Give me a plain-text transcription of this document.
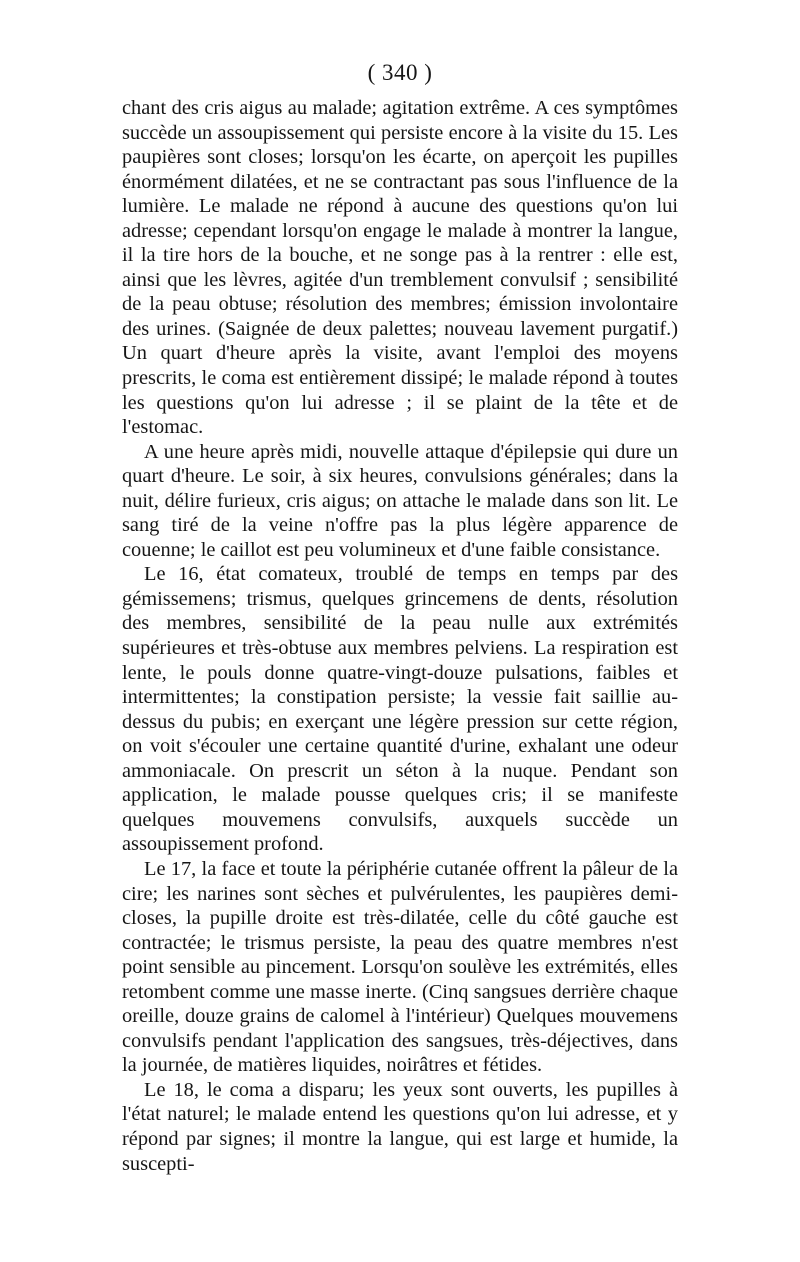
( 340 )

chant des cris aigus au malade; agitation extrême. A ces symptômes succède un assoupissement qui persiste encore à la visite du 15. Les paupières sont closes; lorsqu'on les écarte, on aperçoit les pupilles énormément dilatées, et ne se contractant pas sous l'influence de la lumière. Le malade ne répond à aucune des questions qu'on lui adresse; cependant lorsqu'on engage le malade à montrer la langue, il la tire hors de la bouche, et ne songe pas à la rentrer : elle est, ainsi que les lèvres, agitée d'un tremblement convulsif ; sensibilité de la peau obtuse; résolution des membres; émission involontaire des urines. (Saignée de deux palettes; nouveau lavement purgatif.) Un quart d'heure après la visite, avant l'emploi des moyens prescrits, le coma est entièrement dissipé; le malade répond à toutes les questions qu'on lui adresse ; il se plaint de la tête et de l'estomac.

A une heure après midi, nouvelle attaque d'épilepsie qui dure un quart d'heure. Le soir, à six heures, convulsions générales; dans la nuit, délire furieux, cris aigus; on attache le malade dans son lit. Le sang tiré de la veine n'offre pas la plus légère apparence de couenne; le caillot est peu volumineux et d'une faible consistance.

Le 16, état comateux, troublé de temps en temps par des gémissemens; trismus, quelques grincemens de dents, résolution des membres, sensibilité de la peau nulle aux extrémités supérieures et très-obtuse aux membres pelviens. La respiration est lente, le pouls donne quatre-vingt-douze pulsations, faibles et intermittentes; la constipation persiste; la vessie fait saillie au-dessus du pubis; en exerçant une légère pression sur cette région, on voit s'écouler une certaine quantité d'urine, exhalant une odeur ammoniacale. On prescrit un séton à la nuque. Pendant son application, le malade pousse quelques cris; il se manifeste quelques mouvemens convulsifs, auxquels succède un assoupissement profond.

Le 17, la face et toute la périphérie cutanée offrent la pâleur de la cire; les narines sont sèches et pulvérulentes, les paupières demi-closes, la pupille droite est très-dilatée, celle du côté gauche est contractée; le trismus persiste, la peau des quatre membres n'est point sensible au pincement. Lorsqu'on soulève les extrémités, elles retombent comme une masse inerte. (Cinq sangsues derrière chaque oreille, douze grains de calomel à l'intérieur) Quelques mouvemens convulsifs pendant l'application des sangsues, très-déjectives, dans la journée, de matières liquides, noirâtres et fétides.

Le 18, le coma a disparu; les yeux sont ouverts, les pupilles à l'état naturel; le malade entend les questions qu'on lui adresse, et y répond par signes; il montre la langue, qui est large et humide, la suscepti-
